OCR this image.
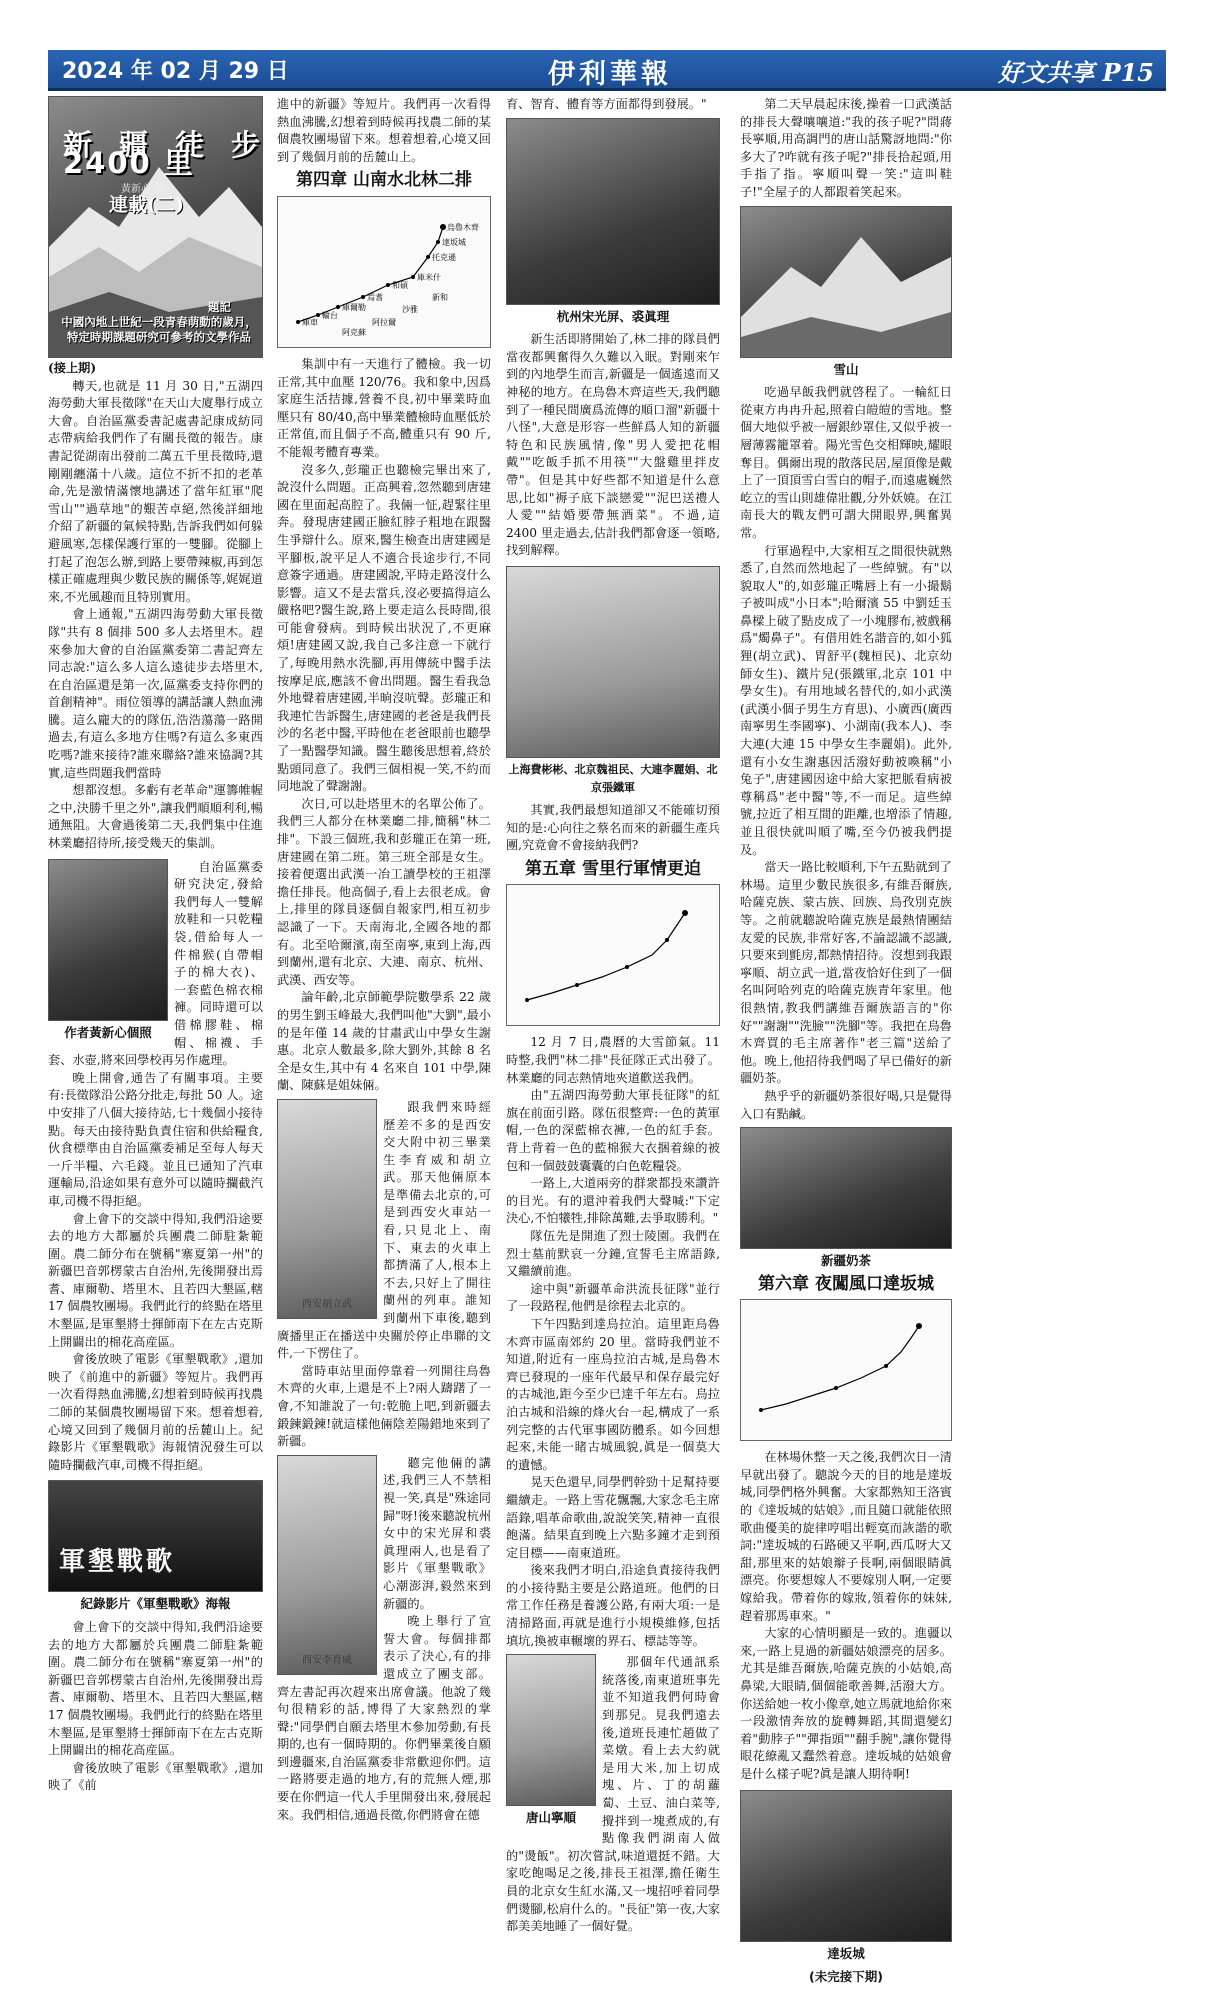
2024 年 02 月 29 日	伊利華報	好文共享 P15
新疆徒步 2400 里
黃新心 著
連載(二)
題記
中國內地上世紀一段青春萌動的歲月，特定時期課題研究可參考的文學作品
(接上期)

轉天,也就是 11 月 30 日,"五湖四海勞動大軍長徵隊"在天山大廈舉行成立大會。自治區黨委書記處書記康成紡同志帶病給我們作了有關長徵的報告。康書記從湖南出發前二萬五千里長徵時,還剛剛纏滿十八歲。這位不折不扣的老革命,先是激情滿懷地講述了當年紅軍"爬雪山""過草地"的艱苦卓絕,然後詳細地介紹了新疆的氣候特點,告訴我們如何躲避風寒,怎樣保護行軍的一雙腳。從腳上打起了泡怎么辦,到路上要帶辣椒,再到怎樣正確處理與少數民族的關係等,娓娓道來,不光風趣而且特別實用。

會上通報,"五湖四海勞動大軍長徵隊"共有 8 個排 500 多人去塔里木。趕來參加大會的自治區黨委第二書記齊左同志說:"這么多人這么遠徒步去塔里木,在自治區還是第一次,區黨委支持你們的首創精神"。雨位領導的講話讓人熱血沸騰。這么龐大的的隊伍,浩浩蕩蕩一路開過去,有這么多地方住嗎?有這么多東西吃嗎?誰來接待?誰來聯絡?誰來協調?其實,這些問題我們當時

想都沒想。多虧有老革命"運籌帷幄之中,決勝千里之外",讓我們順順利利,暢通無阻。大會過後第二天,我們集中住進林業廳招待所,接受幾天的集訓。

作者黃新心個照

自治區黨委研究決定,發給我們每人一雙解放鞋和一只乾糧袋,借給每人一件棉猴(自帶帽子的棉大衣)、一套藍色棉衣棉褲。同時還可以借棉膠鞋、棉帽、棉襪、手套、水壺,將來回學校再另作處理。

晚上開會,通告了有關事項。主要有:長徵隊沿公路分批走,每批 50 人。途中安排了八個大接待站,七十幾個小接待點。每天由接待點負責住宿和供給糧食,伙食標準由自治區黨委補足至每人每天一斤半糧、六毛錢。並且已通知了汽車運輸局,沿途如果有意外可以隨時攔截汽車,司機不得拒絕。

會上會下的交談中得知,我們沿途要去的地方大都屬於兵團農二師駐紮範圍。農二師分布在號稱"寨夏第一州"的新疆巴音郭楞蒙古自治州,先後開發出焉耆、庫爾勒、塔里木、且若四大墾區,轄 17 個農牧團場。我們此行的終點在塔里木墾區,是軍墾將士揮師南下在左古克斯上開闢出的棉花高産區。

會後放映了電影《軍墾戰歌》,還加映了《前進中的新疆》等短片。我們再一次看得熱血沸騰,幻想着到時候再找農二師的某個農牧團場留下來。想着想着,心境又回到了幾個月前的岳麓山上。紀錄影片《軍墾戰歌》海報情況發生可以隨時攔截汽車,司機不得拒絕。

軍墾戰歌
紀錄影片《軍墾戰歌》海報

會上會下的交談中得知,我們沿途要去的地方大都屬於兵團農二師駐紮範圍。農二師分布在號稱"寨夏第一州"的新疆巴音郭楞蒙古自治州,先後開發出焉耆、庫爾勒、塔里木、且若四大墾區,轄 17 個農牧團場。我們此行的終點在塔里木墾區,是軍墾將士揮師南下在左古克斯上開闢出的棉花高産區。

會後放映了電影《軍墾戰歌》,還加映了《前

進中的新疆》等短片。我們再一次看得熱血沸騰,幻想着到時候再找農二師的某個農牧團場留下來。想着想着,心境又回到了幾個月前的岳麓山上。

第四章 山南水北林二排
烏魯木齊
達坂城
托克遜
庫米什
和碩
焉耆
庫爾勒
輪台
庫車
新和
沙雅
阿拉爾
阿克蘇

集訓中有一天進行了體檢。我一切正常,其中血壓 120/76。我和象中,因爲家庭生活拮據,營養不良,初中畢業時血壓只有 80/40,高中畢業體檢時血壓低於正常值,而且個子不高,體重只有 90 斤,不能報考體育專業。

沒多久,彭瓏正也聽檢完畢出來了,說沒什么問題。正高興着,忽然聽到唐建國在里面起高腔了。我倆一怔,趕緊往里奔。發現唐建國正臉紅脖子粗地在跟醫生爭辯什么。原來,醫生檢查出唐建國是平腳板,說平足人不適合長途步行,不同意簽字通過。唐建國說,平時走路沒什么影響。這又不是去當兵,沒必要搞得這么嚴格吧?醫生說,路上要走這么長時間,很可能會發病。到時候出狀況了,不更麻煩!唐建國又說,我自己多注意一下就行了,每晚用熱水洗腳,再用傳統中醫手法按摩足底,應該不會出問題。醫生看我急外地聲着唐建國,半晌沒吭聲。彭瓏正和我連忙告訴醫生,唐建國的老爸是我們長沙的名老中醫,平時他在老爸眼前也聽學了一點醫學知識。醫生聽後思想着,終於點頭同意了。我們三個相視一笑,不約而同地說了聲謝謝。

次日,可以赴塔里木的名單公佈了。我們三人都分在林業廳二排,簡稱"林二排"。下設三個班,我和彭瓏正在第一班,唐建國在第二班。第三班全部是女生。接着便選出武漢一冶工讀學校的王祖澤擔任排長。他高個子,看上去很老成。會上,排里的隊員逐個自報家門,相互初步認識了一下。天南海北,全國各地的都有。北至哈爾濱,南至南寧,東到上海,西到蘭州,還有北京、大連、南京、杭州、武漢、西安等。

論年齡,北京師範學院數學系 22 歲的男生劉玉峰最大,我們叫他"大劉",最小的是年僅 14 歲的甘肅武山中學女生謝惠。北京人數最多,除大劉外,其餘 8 名全是女生,其中有 4 名來自 101 中學,陳蘭、陳蘇是姐妹倆。

西安胡立武

跟我們來時經歷差不多的是西安交大附中初三畢業生李育威和胡立武。那天他倆原本是準備去北京的,可是到西安火車站一看,只見北上、南下、東去的火車上都擠滿了人,根本上不去,只好上了開往蘭州的列車。誰知到蘭州下車後,聽到廣播里正在播送中央關於停止串聯的文件,一下愣住了。

當時車站里面停靠着一列開往烏魯木齊的火車,上還是不上?兩人躊躇了一會,不知誰說了一句:乾脆上吧,到新疆去鍛鍊鍛鍊!就這樣他倆陰差陽錯地來到了新疆。

西安李育威

聽完他倆的講述,我們三人不禁相視一笑,真是"殊途同歸"呀!後來聽說杭州女中的宋光屏和裘眞理兩人,也是看了影片《軍墾戰歌》心潮澎湃,毅然來到新疆的。

晚上舉行了宣誓大會。每個排都表示了決心,有的排還成立了團支部。齊左書記再次趕來出席會議。他說了幾句很精彩的話,博得了大家熱烈的掌聲:"同學們自願去塔里木參加勞動,有長期的,也有一個時期的。你們畢業後自願到邊疆來,自治區黨委非常歡迎你們。這一路將要走過的地方,有的荒無人煙,那要在你們這一代人手里開發出來,發展起來。我們相信,通過長徵,你們將會在德

育、智育、體育等方面都得到發展。"

杭州宋光屏、裘眞理

新生活即將開始了,林二排的隊員們當夜都興奮得久久難以入眠。對剛來乍到的內地學生而言,新疆是一個遙遠而又神秘的地方。在烏魯木齊這些天,我們聽到了一種民間廣爲流傳的順口溜"新疆十八怪",大意是形容一些鮮爲人知的新疆特色和民族風情,像"男人愛把花帽戴""吃飯手抓不用筷""大盤雞里拌皮帶"。但是其中好些都不知道是什么意思,比如"褥子底下談戀愛""泥巴送禮人人愛""結婚要帶無酒菜"。不過,這 2400 里走過去,估計我們都會逐一領略,找到解釋。

上海費彬彬、北京魏祖民、大連李麗娟、北京張鐵軍

其實,我們最想知道卻又不能確切預知的是:心向往之蔡名而來的新疆生產兵團,究竟會不會接納我們?

第五章 雪里行軍情更迫

12 月 7 日,農曆的大雪節氣。11 時整,我們"林二排"長征隊正式出發了。林業廳的同志熱情地夾道歡送我們。

由"五湖四海勞動大軍長征隊"的紅旗在前面引路。隊伍很整齊:一色的黃軍帽,一色的深藍棉衣褲,一色的紅手套。背上背着一色的藍棉猴大衣捆着線的被包和一個鼓鼓囊囊的白色乾糧袋。

一路上,大道兩旁的群衆都投來讚許的目光。有的還沖着我們大聲喊:"下定決心,不怕犧牲,排除萬難,去爭取勝利。"

隊伍先是開進了烈士陵園。我們在烈士墓前默哀一分鐘,宣誓毛主席語錄,又繼續前進。

途中與"新疆革命洪流長征隊"並行了一段路程,他們是徐程去北京的。

下午四點到達烏拉泊。這里距烏魯木齊市區南郊約 20 里。當時我們並不知道,附近有一座烏拉泊古城,是烏魯木齊已發現的一座年代最早和保存最完好的古城池,距今至少已達千年左右。烏拉泊古城和沿線的烽火台一起,構成了一系列完整的古代軍事國防體系。如今回想起來,未能一睹古城風貌,眞是一個莫大的遺憾。

晃天色還早,同學們幹勁十足幫持要繼續走。一路上雪花飄飄,大家念毛主席語錄,唱革命歌曲,說說笑笑,精神一直很飽滿。結果直到晚上六點多鐘才走到預定目標——南東道班。

後來我們才明白,沿途負責接待我們的小接待點主要是公路道班。他們的日常工作任務是養護公路,有兩大項:一是清掃路面,再就是進行小規模維修,包括填坑,換被車輾壞的界石、標誌等等。

唐山寧順

那個年代通訊系統落後,南東道班事先並不知道我們何時會到那兒。見我們遠去後,道班長連忙趙做了菜燉。看上去大約就是用大米,加上切成塊、片、丁的胡蘿蔔、土豆、油白菜等,攪拌到一塊煮成的,有點像我們湖南人做的"燙飯"。初次嘗試,味道還挺不錯。大家吃飽喝足之後,排長王祖澤,擔任衛生員的北京女生紅水滿,又一塊招呼着同學們燙腳,松肩什么的。"長征"第一夜,大家都美美地睡了一個好覺。

第二天早晨起床後,操着一口武漢話的排長大聲嚷嚷道:"我的孩子呢?"問蔣長寧順,用高調門的唐山話驚訝地問:"你多大了?咋就有孩子呢?"排長拾起頭,用手指了指。寧順叫聲一笑:"這叫鞋子!"全屋子的人都跟着笑起來。

雪山

吃過早飯我們就啓程了。一輪紅日從東方冉冉升起,照着白皚皚的雪地。整個大地似乎被一層銀紗罩住,又似乎被一層薄霧籠罩着。陽光雪色交相輝映,耀眼奪目。偶爾出現的散落民居,屋頂像是戴上了一頂頂雪白雪白的帽子,而遠處巍然屹立的雪山則雄偉壯觀,分外妖嬈。在江南長大的戰友們可謂大開眼界,興奮異常。

行軍過程中,大家相互之間很快就熟悉了,自然而然地起了一些綽號。有"以貌取人"的,如彭瓏正嘴唇上有一小撮鬍子被叫成"小日本";哈爾濱 55 中劉廷玉鼻樑上破了點皮成了一小塊膠布,被戲稱爲"燭鼻子"。有借用姓名諧音的,如小狐狸(胡立武)、胃舒平(魏桓民)、北京幼師女生)、鐵片兒(張鐵軍,北京 101 中學女生)。有用地域名替代的,如小武漢(武漢小個子男生方育思)、小廣西(廣西南寧男生李國寧)、小湖南(我本人)、李大連(大連 15 中學女生李麗娟)。此外,還有小女生謝惠因活潑好動被喚稱"小兔子",唐建國因途中給大家把脈看病被尊稱爲"老中醫"等,不一而足。這些綽號,拉近了相互間的距離,也增添了情趣,並且很快就叫順了嘴,至今仍被我們提及。

當天一路比較順利,下午五點就到了林場。這里少數民族很多,有維吾爾族,哈薩克族、蒙古族、回族、烏孜別克族等。之前就聽說哈薩克族是最熱情團結友愛的民族,非常好客,不論認識不認識,只要來到氈房,都熱情招待。沒想到我跟寧順、胡立武一道,當夜恰好住到了一個名叫阿哈列克的哈薩克族青年家里。他很熱情,教我們講維吾爾族語言的"你好""謝謝""洗臉""洗腳"等。我把在烏魯木齊買的毛主席著作"老三篇"送給了他。晚上,他招待我們喝了早已備好的新疆奶茶。

熱乎乎的新疆奶茶很好喝,只是覺得入口有點鹹。

新疆奶茶
第六章 夜闖風口達坂城

在林場休整一天之後,我們次日一清早就出發了。聽說今天的目的地是達坂城,同學們格外興奮。大家都熟知王洛賓的《達坂城的姑娘》,而且隨口就能依照歌曲優美的旋律哼唱出輕寞而詼諧的歌詞:"達坂城的石路硬又平啊,西瓜呀大又甜,那里來的姑娘辮子長啊,兩個眼睛眞漂亮。你要想嫁人不要嫁別人啊,一定要嫁給我。帶着你的嫁妝,領着你的妹妹,趕着那馬車來。"

大家的心情明顯是一致的。進疆以來,一路上見過的新疆姑娘漂亮的居多。尤其是維吾爾族,哈薩克族的小姑娘,高鼻梁,大眼睛,個個能歌善舞,活潑大方。你送給她一枚小像章,她立馬就地給你來一段激情奔放的旋轉舞蹈,其間還變幻着"動脖子""彈指頭""翻手腕",讓你覺得眼花繚亂又蠢然着意。達坂城的姑娘會是什么樣子呢?眞是讓人期待啊!

達坂城
(未完接下期)
